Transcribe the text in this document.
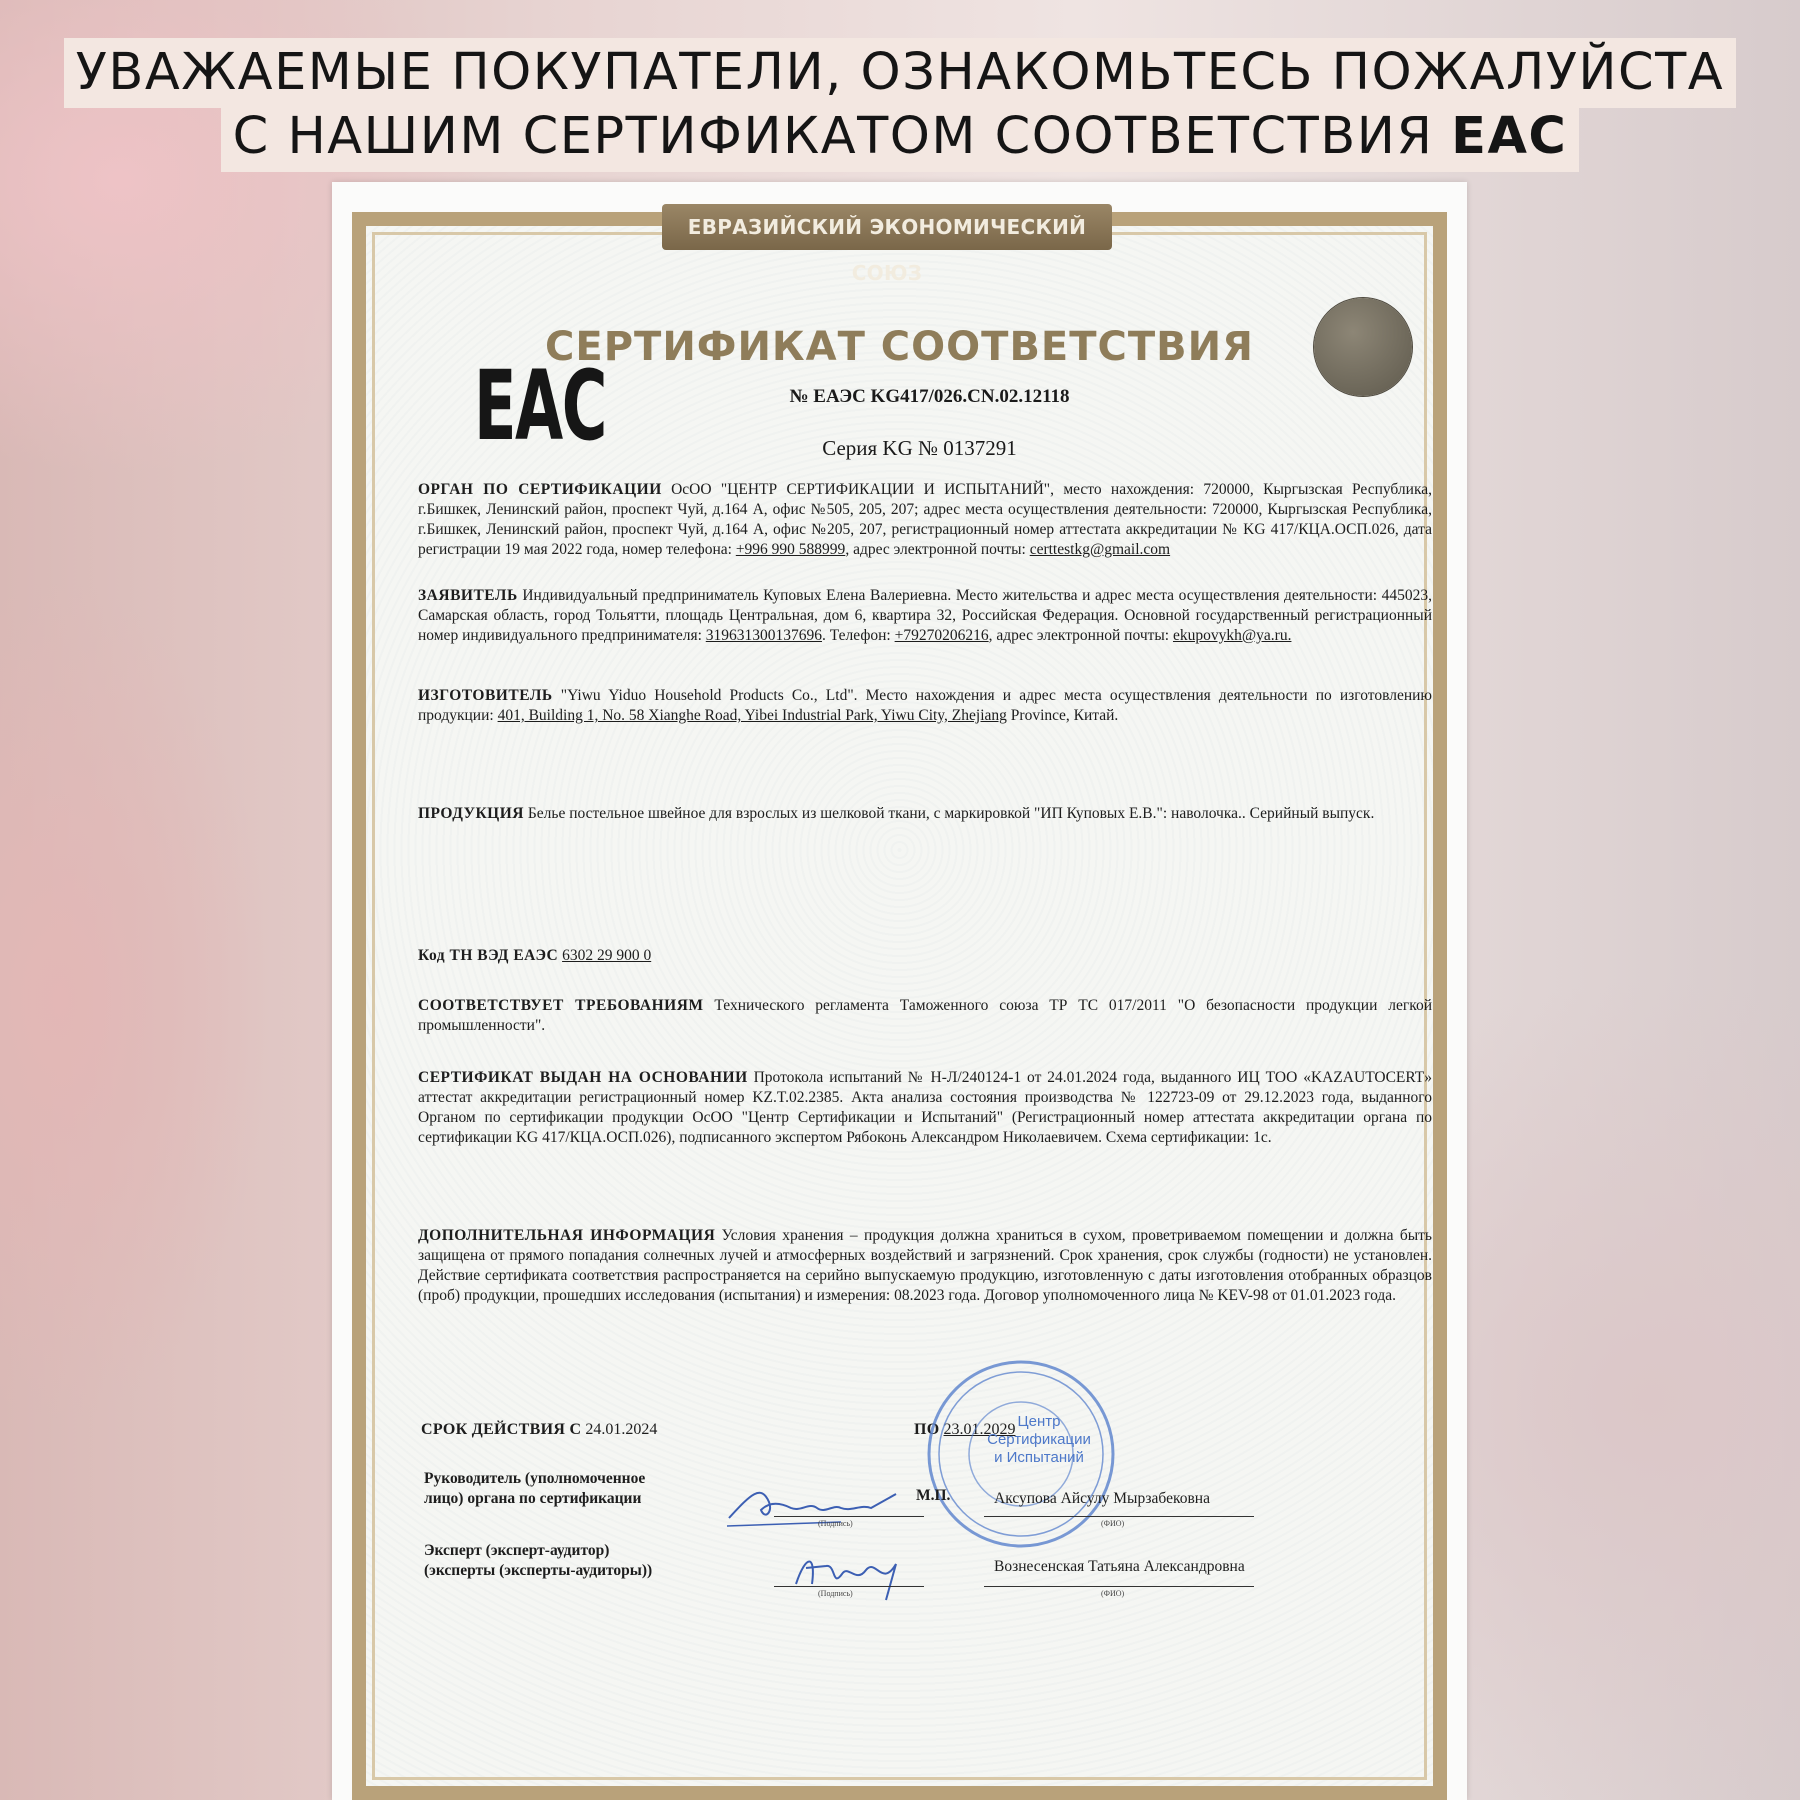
УВАЖАЕМЫЕ ПОКУПАТЕЛИ, ОЗНАКОМЬТЕСЬ ПОЖАЛУЙСТА
С НАШИМ СЕРТИФИКАТОМ СООТВЕТСТВИЯ EAC
СЕРТИФИКАТ СООТВЕТСТВИЯ
EAC	№ ЕАЭС KG417/026.CN.02.12118
Серия KG № 0137291
ОРГАН ПО СЕРТИФИКАЦИИ ОсОО "ЦЕНТР СЕРТИФИКАЦИИ И ИСПЫТАНИЙ", место нахождения: 720000, Кыргызская Республика, г.Бишкек, Ленинский район, проспект Чуй, д.164 А, офис №505, 205, 207; адрес места осуществления деятельности: 720000, Кыргызская Республика, г.Бишкек, Ленинский район, проспект Чуй, д.164 А, офис №205, 207, регистрационный номер аттестата аккредитации № KG 417/КЦА.ОСП.026, дата регистрации 19 мая 2022 года, номер телефона: +996 990 588999, адрес электронной почты: certtestkg@gmail.com
ЗАЯВИТЕЛЬ Индивидуальный предприниматель Куповых Елена Валериевна. Место жительства и адрес места осуществления деятельности: 445023, Самарская область, город Тольятти, площадь Центральная, дом 6, квартира 32, Российская Федерация. Основной государственный регистрационный номер индивидуального предпринимателя: 319631300137696. Телефон: +79270206216, адрес электронной почты: ekupovykh@ya.ru.
ИЗГОТОВИТЕЛЬ "Yiwu Yiduo Household Products Co., Ltd". Место нахождения и адрес места осуществления деятельности по изготовлению продукции: 401, Building 1, No. 58 Xianghe Road, Yibei Industrial Park, Yiwu City, Zhejiang Province, Китай.
ПРОДУКЦИЯ Белье постельное швейное для взрослых из шелковой ткани, с маркировкой "ИП Куповых Е.В.": наволочка.. Серийный выпуск.
Код ТН ВЭД ЕАЭС 6302 29 900 0
СООТВЕТСТВУЕТ ТРЕБОВАНИЯМ Технического регламента Таможенного союза ТР ТС 017/2011 "О безопасности продукции легкой промышленности".
СЕРТИФИКАТ ВЫДАН НА ОСНОВАНИИ Протокола испытаний № Н-Л/240124-1 от 24.01.2024 года, выданного ИЦ ТОО «KAZAUTOCERT» аттестат аккредитации регистрационный номер KZ.T.02.2385. Акта анализа состояния производства № 122723-09 от 29.12.2023 года, выданного Органом по сертификации продукции ОсОО "Центр Сертификации и Испытаний" (Регистрационный номер аттестата аккредитации органа по сертификации KG 417/КЦА.ОСП.026), подписанного экспертом Рябоконь Александром Николаевичем. Схема сертификации: 1с.
ДОПОЛНИТЕЛЬНАЯ ИНФОРМАЦИЯ Условия хранения – продукция должна храниться в сухом, проветриваемом помещении и должна быть защищена от прямого попадания солнечных лучей и атмосферных воздействий и загрязнений. Срок хранения, срок службы (годности) не установлен. Действие сертификата соответствия распространяется на серийно выпускаемую продукцию, изготовленную с даты изготовления отобранных образцов (проб) продукции, прошедших исследования (испытания) и измерения: 08.2023 года. Договор уполномоченного лица № KEV-98 от 01.01.2023 года.
СРОК ДЕЙСТВИЯ С 24.01.2024	ПО 23.01.2029 Центр
Сертификации
и Испытаний
Руководитель (уполномоченное
лицо) органа по сертификации	М.П.	Аксупова Айсулу Мырзабековна
(Подпись)	(ФИО)
Эксперт (эксперт-аудитор)
(эксперты (эксперты-аудиторы))	Вознесенская Татьяна Александровна
(Подпись)	(ФИО)
ЕВРАЗИЙСКИЙ ЭКОНОМИЧЕСКИЙ СОЮЗ
